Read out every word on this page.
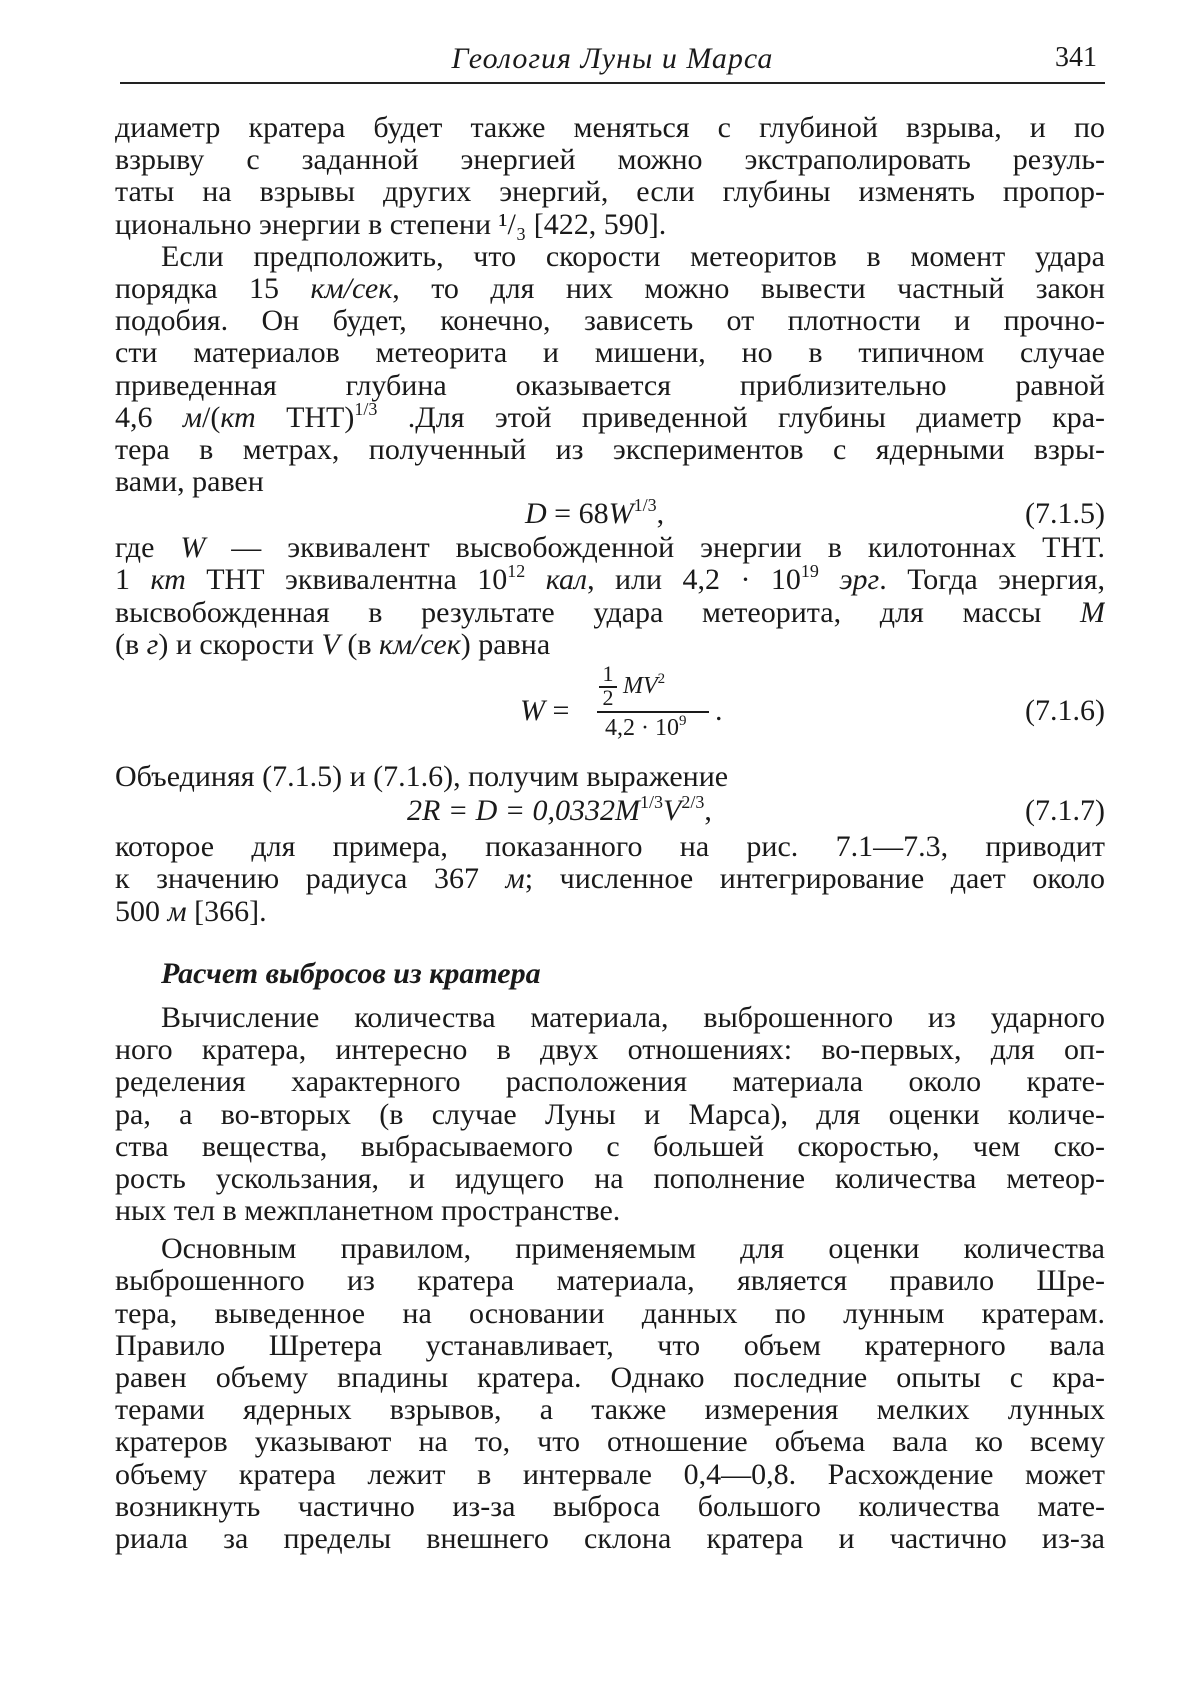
Геология Луны и Марса	341
диаметр кратера будет также меняться с глубиной взрыва, и по
взрыву с заданной энергией можно экстраполировать резуль-
таты на взрывы других энергий, если глубины изменять пропор-
ционально энергии в степени ¹/₃ [422, 590].
Если предположить, что скорости метеоритов в момент удара
порядка 15 км/сек, то для них можно вывести частный закон
подобия. Он будет, конечно, зависеть от плотности и прочно-
сти материалов метеорита и мишени, но в типичном случае
приведенная глубина оказывается приблизительно равной
4,6 м/(кт ТНТ)$^{1/3}$ .Для этой приведенной глубины диаметр кра-
тера в метрах, полученный из экспериментов с ядерными взры-
вами, равен
$D = 68W^{1/3}$,	(7.1.5)
где W — эквивалент высвобожденной энергии в килотоннах ТНТ.
1 кт ТНТ эквивалентна $10^{12}$ кал, или $4,2 \cdot 10^{19}$ эрг. Тогда энергия,
высвобожденная в результате удара метеорита, для массы M
(в г) и скорости V (в км/сек) равна
W =
1
2 $MV^2$
$4,2 \cdot 10^9$ .	(7.1.6)
Объединяя (7.1.5) и (7.1.6), получим выражение
$2R = D = 0,0332M^{1/3}V^{2/3}$,	(7.1.7)
которое для примера, показанного на рис. 7.1—7.3, приводит
к значению радиуса 367 м; численное интегрирование дает около
500 м [366].
Расчет выбросов из кратера
Вычисление количества материала, выброшенного из ударного
ного кратера, интересно в двух отношениях: во-первых, для оп-
ределения характерного расположения материала около крате-
ра, а во-вторых (в случае Луны и Марса), для оценки количе-
ства вещества, выбрасываемого с большей скоростью, чем ско-
рость ускользания, и идущего на пополнение количества метеор-
ных тел в межпланетном пространстве.
Основным правилом, применяемым для оценки количества
выброшенного из кратера материала, является правило Шре-
тера, выведенное на основании данных по лунным кратерам.
Правило Шретера устанавливает, что объем кратерного вала
равен объему впадины кратера. Однако последние опыты с кра-
терами ядерных взрывов, а также измерения мелких лунных
кратеров указывают на то, что отношение объема вала ко всему
объему кратера лежит в интервале 0,4—0,8. Расхождение может
возникнуть частично из-за выброса большого количества мате-
риала за пределы внешнего склона кратера и частично из-за
